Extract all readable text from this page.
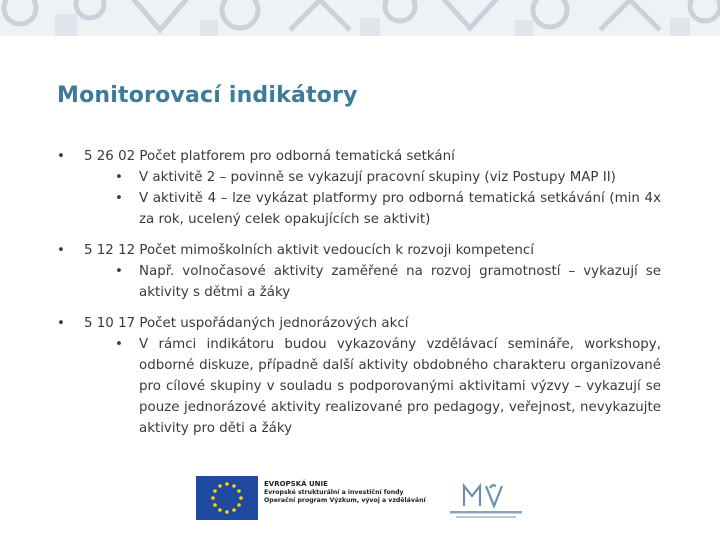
Monitorovací indikátory
• 5 26 02 Počet platforem pro odborná tematická setkání
• V aktivitě 2 – povinně se vykazují pracovní skupiny (viz Postupy MAP II)
• V aktivitě 4 – lze vykázat platformy pro odborná tematická setkávání (min 4x za rok, ucelený celek opakujících se aktivit)
• 5 12 12 Počet mimoškolních aktivit vedoucích k rozvoji kompetencí
• Např. volnočasové aktivity zaměřené na rozvoj gramotností – vykazují se aktivity s dětmi a žáky
• 5 10 17 Počet uspořádaných jednorázových akcí
• V rámci indikátoru budou vykazovány vzdělávací semináře, workshopy, odborné diskuze, případně další aktivity obdobného charakteru organizované pro cílové skupiny v souladu s podporovanými aktivitami výzvy – vykazují se pouze jednorázové aktivity realizované pro pedagogy, veřejnost, nevykazujte aktivity pro děti a žáky
EVROPSKÁ UNIE
Evropské strukturální a investiční fondy
Operační program Výzkum, vývoj a vzdělávání
